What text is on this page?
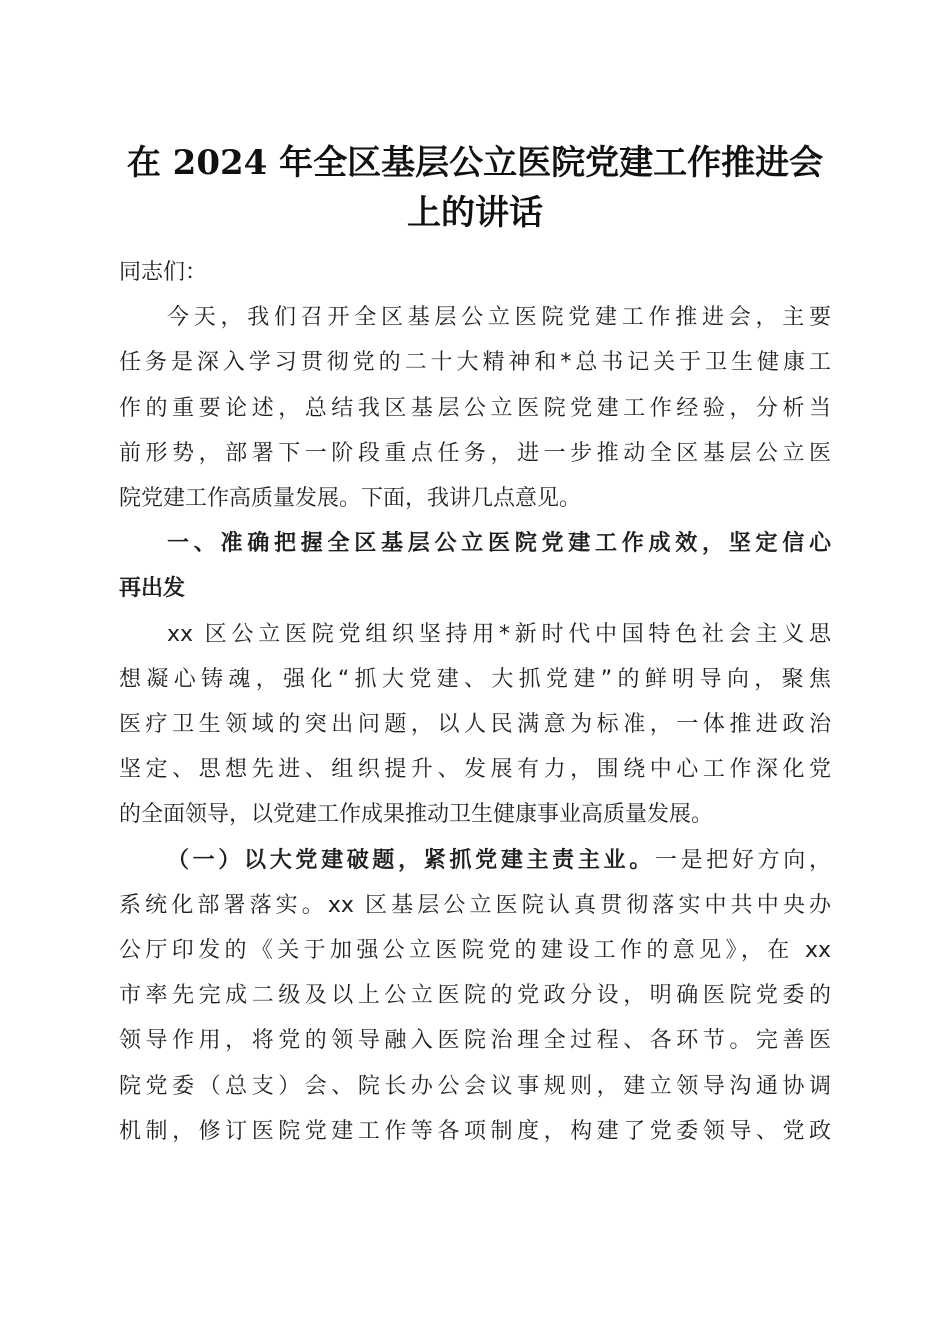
在 2024 年全区基层公立医院党建工作推进会
上的讲话

同志们：

今天，我们召开全区基层公立医院党建工作推进会，主要
任务是深入学习贯彻党的二十大精神和*总书记关于卫生健康工
作的重要论述，总结我区基层公立医院党建工作经验，分析当
前形势，部署下一阶段重点任务，进一步推动全区基层公立医
院党建工作高质量发展。下面，我讲几点意见。

一、准确把握全区基层公立医院党建工作成效，坚定信心
再出发

xx 区公立医院党组织坚持用*新时代中国特色社会主义思
想凝心铸魂，强化“抓大党建、大抓党建”的鲜明导向，聚焦
医疗卫生领域的突出问题，以人民满意为标准，一体推进政治
坚定、思想先进、组织提升、发展有力，围绕中心工作深化党
的全面领导，以党建工作成果推动卫生健康事业高质量发展。

（一）以大党建破题，紧抓党建主责主业。一是把好方向，
系统化部署落实。xx 区基层公立医院认真贯彻落实中共中央办
公厅印发的《关于加强公立医院党的建设工作的意见》，在 xx
市率先完成二级及以上公立医院的党政分设，明确医院党委的
领导作用，将党的领导融入医院治理全过程、各环节。完善医
院党委（总支）会、院长办公会议事规则，建立领导沟通协调
机制，修订医院党建工作等各项制度，构建了党委领导、党政
